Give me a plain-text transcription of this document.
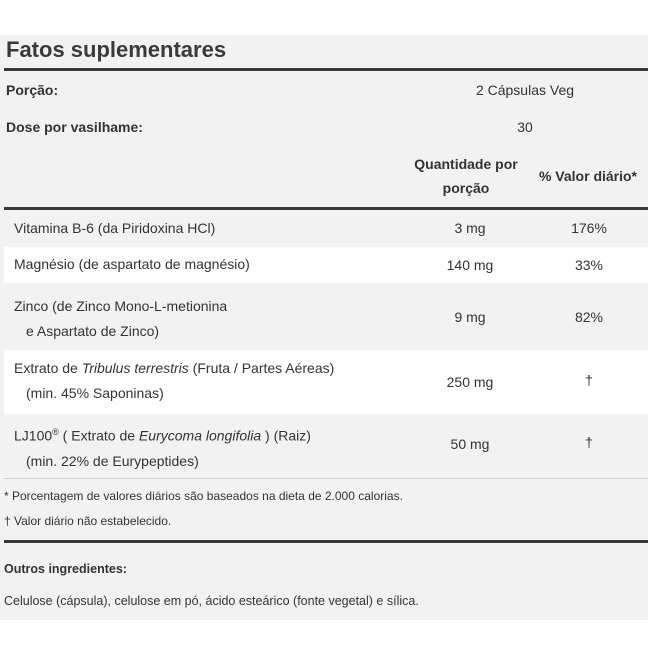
Fatos suplementares
Porção:	2 Cápsulas Veg
Dose por vasilhame:	30
Quantidade por
porção
% Valor diário*
Vitamina B-6 (da Piridoxina HCl)	3 mg	176%
Magnésio (de aspartato de magnésio)	140 mg	33%
Zinco (de Zinco Mono-L-metionina
e Aspartato de Zinco)
9 mg	82%
Extrato de Tribulus terrestris (Fruta / Partes Aéreas)
(min. 45% Saponinas)
250 mg	†
LJ100® ( Extrato de Eurycoma longifolia ) (Raiz)
(min. 22% de Eurypeptides)
50 mg	†
* Porcentagem de valores diários são baseados na dieta de 2.000 calorias.
† Valor diário não estabelecido.
Outros ingredientes:
Celulose (cápsula), celulose em pó, ácido esteárico (fonte vegetal) e sílica.
